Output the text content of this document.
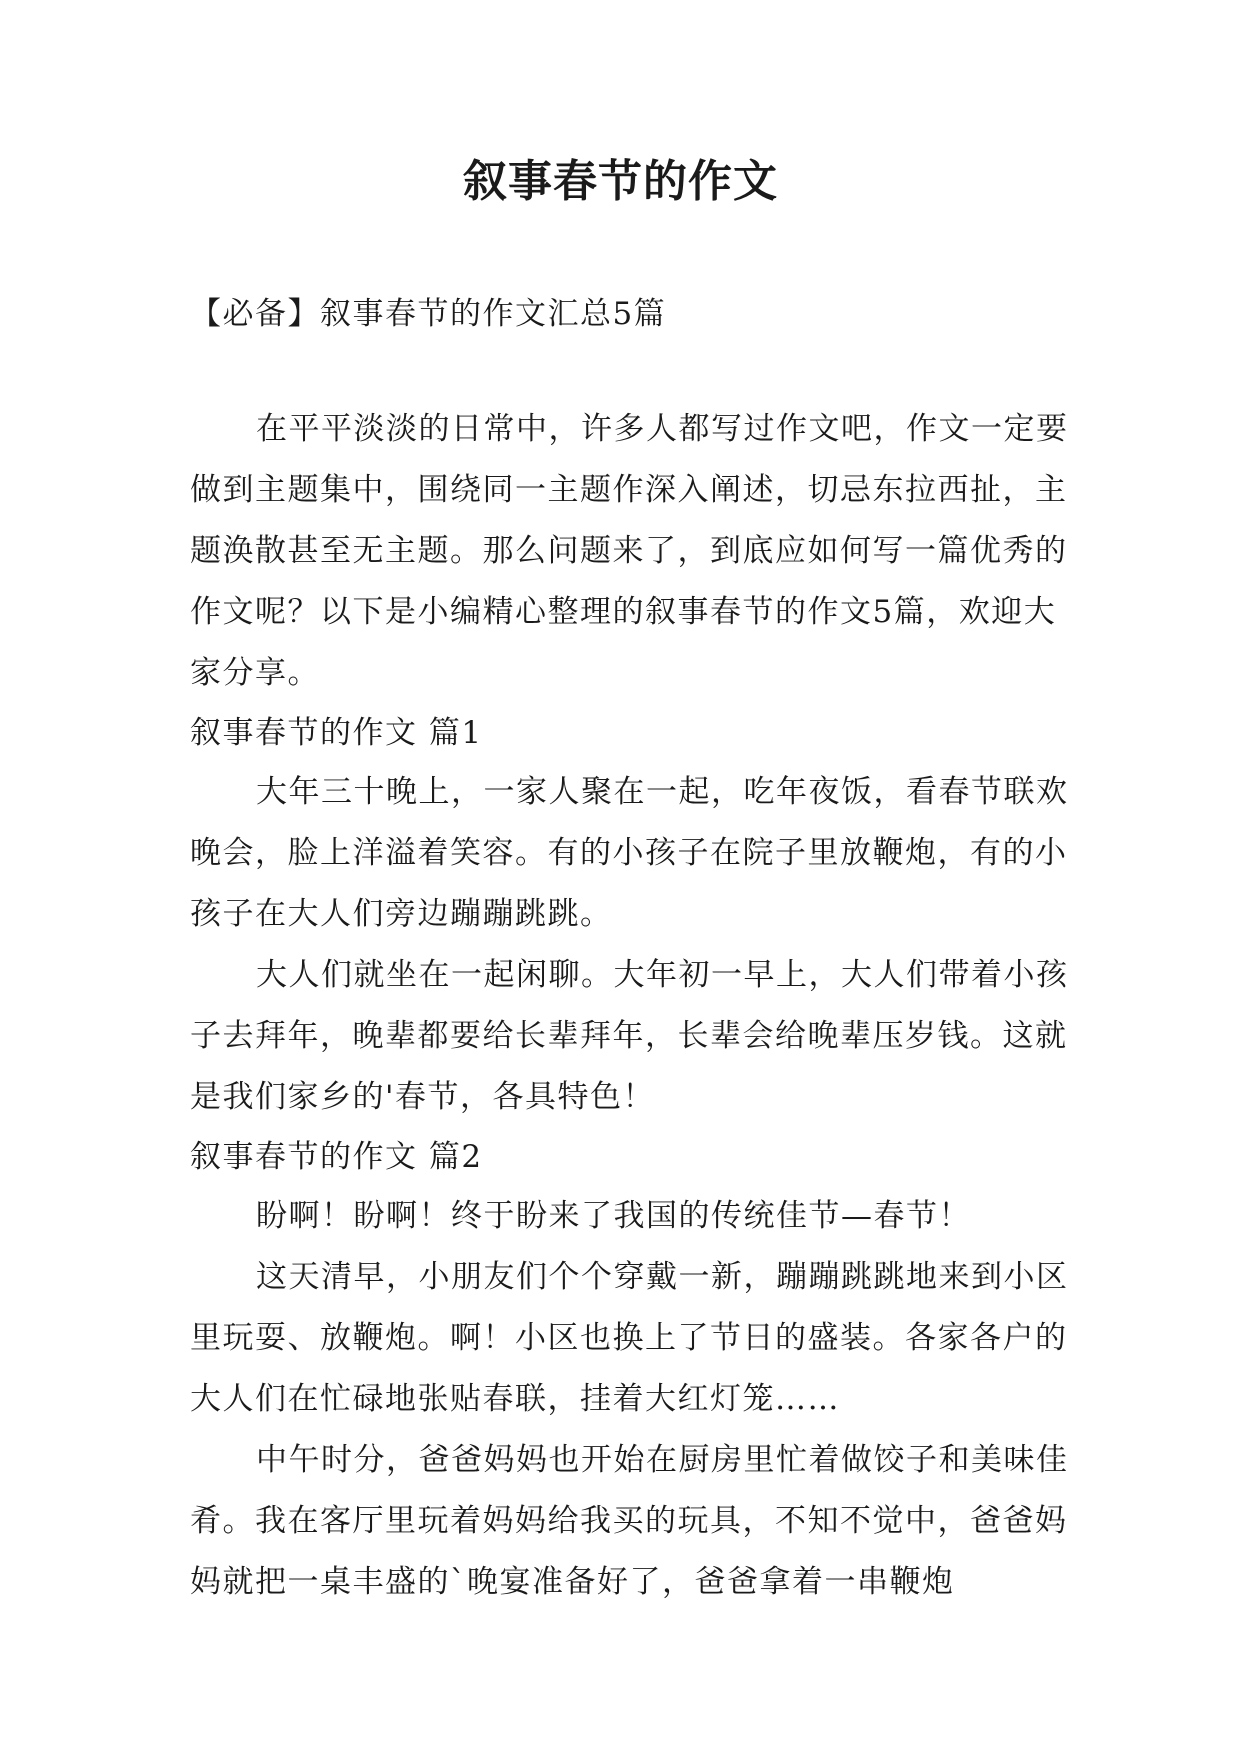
叙事春节的作文

【必备】叙事春节的作文汇总5篇

在平平淡淡的日常中，许多人都写过作文吧，作文一定要做到主题集中，围绕同一主题作深入阐述，切忌东拉西扯，主题涣散甚至无主题。那么问题来了，到底应如何写一篇优秀的作文呢？以下是小编精心整理的叙事春节的作文5篇，欢迎大家分享。

叙事春节的作文 篇1

大年三十晚上，一家人聚在一起，吃年夜饭，看春节联欢晚会，脸上洋溢着笑容。有的小孩子在院子里放鞭炮，有的小孩子在大人们旁边蹦蹦跳跳。

大人们就坐在一起闲聊。大年初一早上，大人们带着小孩子去拜年，晚辈都要给长辈拜年，长辈会给晚辈压岁钱。这就是我们家乡的'春节，各具特色！

叙事春节的作文 篇2

盼啊！盼啊！终于盼来了我国的传统佳节—春节！

这天清早，小朋友们个个穿戴一新，蹦蹦跳跳地来到小区里玩耍、放鞭炮。啊！小区也换上了节日的盛装。各家各户的大人们在忙碌地张贴春联，挂着大红灯笼……

中午时分，爸爸妈妈也开始在厨房里忙着做饺子和美味佳肴。我在客厅里玩着妈妈给我买的玩具，不知不觉中，爸爸妈妈就把一桌丰盛的`晚宴准备好了，爸爸拿着一串鞭炮
